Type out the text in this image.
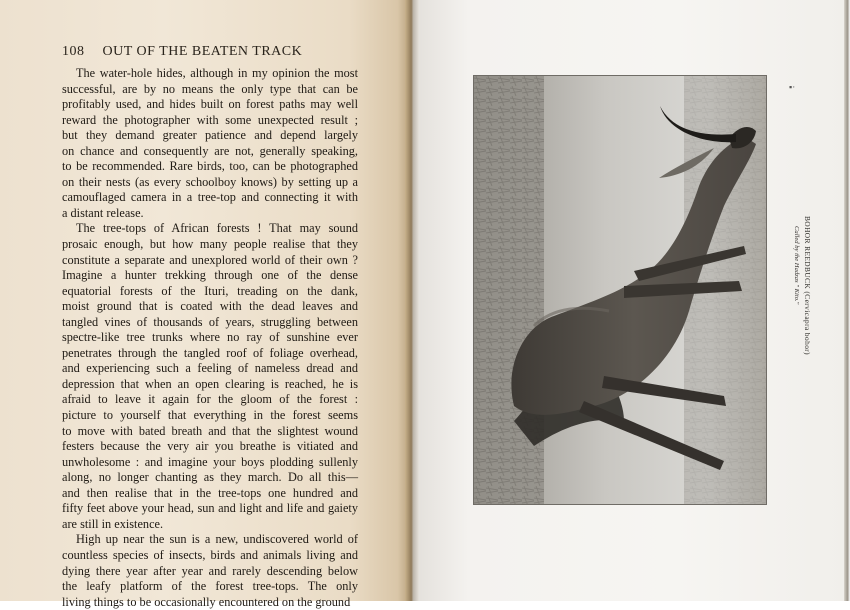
108 OUT OF THE BEATEN TRACK
The water-hole hides, although in my opinion the most
successful, are by no means the only type that can be
profitably used, and hides built on forest paths may well
reward the photographer with some unexpected result ;
but they demand greater patience and depend largely
on chance and consequently are not, generally speaking,
to be recommended. Rare birds, too, can be photographed
on their nests (as every schoolboy knows) by setting up a
camouflaged camera in a tree-top and connecting it with
a distant release.
The tree-tops of African forests ! That may sound
prosaic enough, but how many people realise that they
constitute a separate and unexplored world of their own ?
Imagine a hunter trekking through one of the dense
equatorial forests of the Ituri, treading on the dank,
moist ground that is coated with the dead leaves and
tangled vines of thousands of years, struggling between
spectre-like tree trunks where no ray of sunshine ever
penetrates through the tangled roof of foliage overhead,
and experiencing such a feeling of nameless dread and
depression that when an open clearing is reached, he is
afraid to leave it again for the gloom of the forest :
picture to yourself that everything in the forest seems
to move with bated breath and that the slightest wound
festers because the very air you breathe is vitiated and
unwholesome : and imagine your boys plodding sullenly
along, no longer chanting as they march. Do all this—
and then realise that in the tree-tops one hundred and
fifty feet above your head, sun and light and life and gaiety
are still in existence.
High up near the sun is a new, undiscovered world of
countless species of insects, birds and animals living and
dying there year after year and rarely descending below
the leafy platform of the forest tree-tops. The only
living things to be occasionally encountered on the ground
BOHOR REEDBUCK (Cervicapra bohor)
Called by the Hadzas " Kito."
▪·
